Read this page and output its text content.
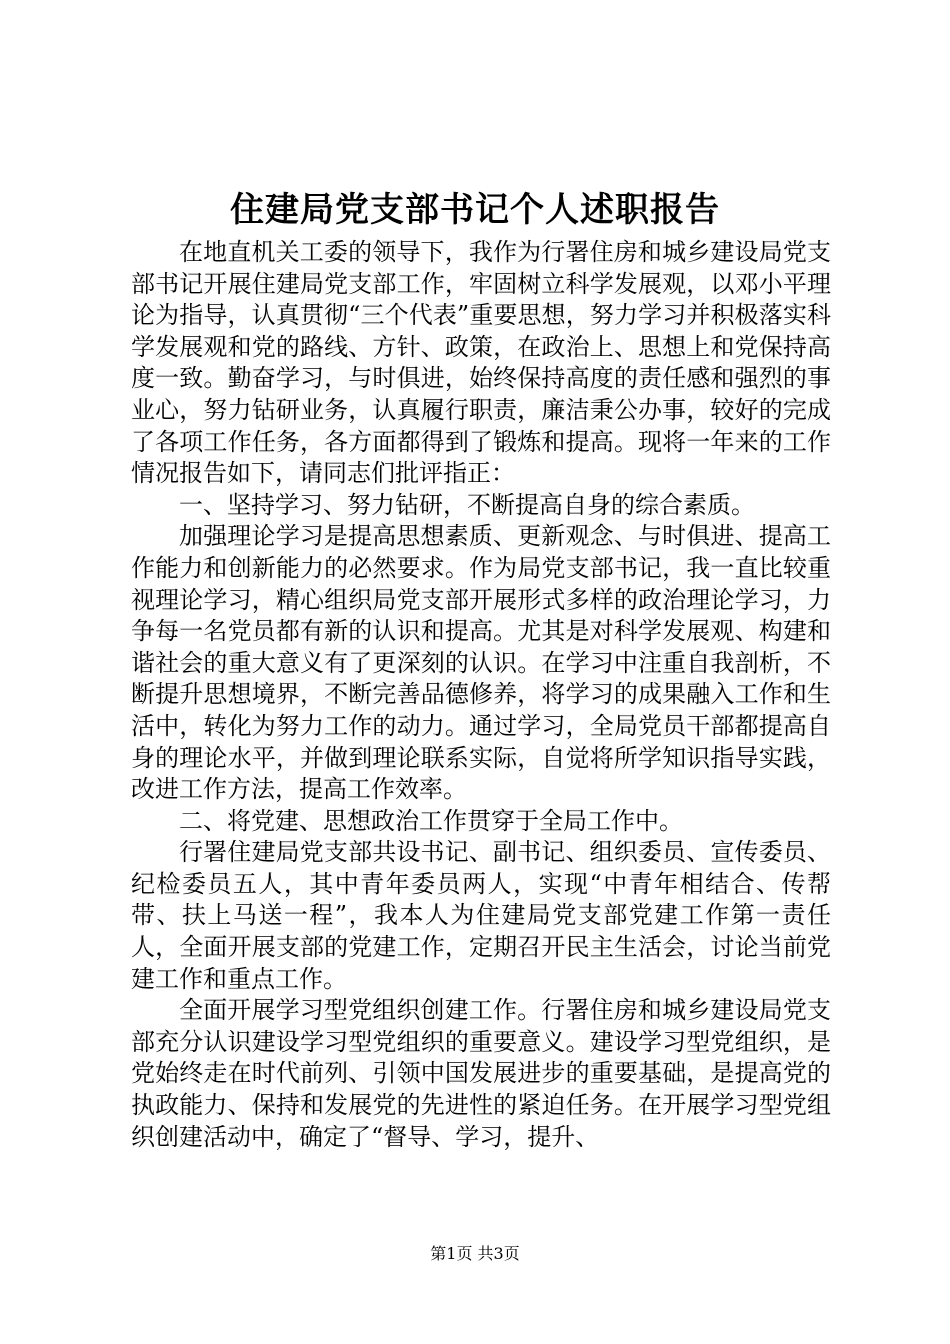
住建局党支部书记个人述职报告

在地直机关工委的领导下，我作为行署住房和城乡建设局党支部书记开展住建局党支部工作，牢固树立科学发展观，以邓小平理论为指导，认真贯彻“三个代表”重要思想，努力学习并积极落实科学发展观和党的路线、方针、政策，在政治上、思想上和党保持高度一致。勤奋学习，与时俱进，始终保持高度的责任感和强烈的事业心，努力钻研业务，认真履行职责，廉洁秉公办事，较好的完成了各项工作任务，各方面都得到了锻炼和提高。现将一年来的工作情况报告如下，请同志们批评指正：

一、坚持学习、努力钻研，不断提高自身的综合素质。

加强理论学习是提高思想素质、更新观念、与时俱进、提高工作能力和创新能力的必然要求。作为局党支部书记，我一直比较重视理论学习，精心组织局党支部开展形式多样的政治理论学习，力争每一名党员都有新的认识和提高。尤其是对科学发展观、构建和谐社会的重大意义有了更深刻的认识。在学习中注重自我剖析，不断提升思想境界，不断完善品德修养，将学习的成果融入工作和生活中，转化为努力工作的动力。通过学习，全局党员干部都提高自身的理论水平，并做到理论联系实际，自觉将所学知识指导实践，改进工作方法，提高工作效率。

二、将党建、思想政治工作贯穿于全局工作中。

行署住建局党支部共设书记、副书记、组织委员、宣传委员、纪检委员五人，其中青年委员两人，实现“中青年相结合、传帮带、扶上马送一程”，我本人为住建局党支部党建工作第一责任人，全面开展支部的党建工作，定期召开民主生活会，讨论当前党建工作和重点工作。

全面开展学习型党组织创建工作。行署住房和城乡建设局党支部充分认识建设学习型党组织的重要意义。建设学习型党组织，是党始终走在时代前列、引领中国发展进步的重要基础，是提高党的执政能力、保持和发展党的先进性的紧迫任务。在开展学习型党组织创建活动中，确定了“督导、学习，提升、

第1页 共3页
